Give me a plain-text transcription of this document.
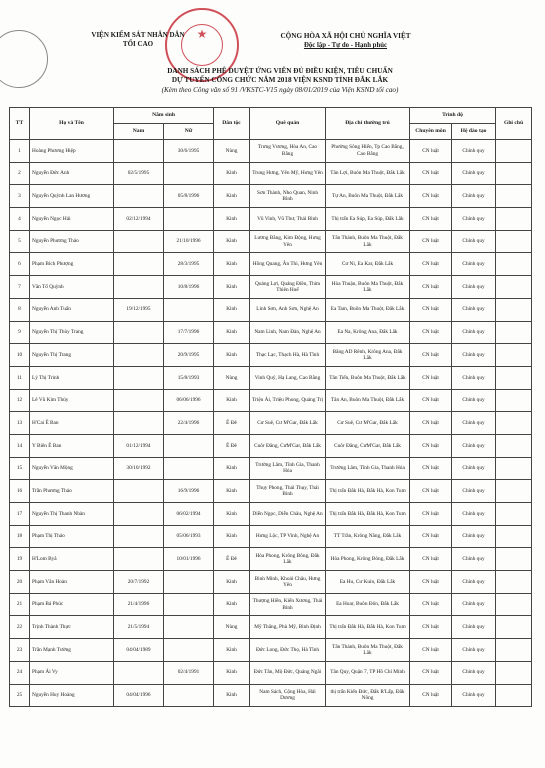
★
VIỆN KIỂM SÁT NHÂN DÂN
TỐI CAO
CỘNG HÒA XÃ HỘI CHỦ NGHĨA VIỆT
Độc lập - Tự do - Hạnh phúc
DANH SÁCH PHÊ DUYỆT ỨNG VIÊN ĐỦ ĐIỀU KIỆN, TIÊU CHUẨN
DỰ TUYỂN CÔNG CHỨC NĂM 2018 VIỆN KSND TỈNH ĐẮK LẮK
(Kèm theo Công văn số 91 /VKSTC-V15 ngày 08/01/2019 của Viện KSND tối cao)
TT	Họ và Tên	Năm sinh		Dân tộc	Quê quán	Địa chỉ thường trú	Trình độ		Ghi chú
		Nam	Nữ				Chuyên môn	Hệ đào tạo	
1	Hoàng Phương Hiệp		30/6/1995	Nùng	Trưng Vương, Hòa An, Cao Bằng	Phường Sông Hiến, Tp Cao Bằng, Cao Bằng	CN luật	Chính quy	
2	Nguyễn Đức Anh	02/5/1995		Kinh	Trung Hưng, Yên Mỹ, Hưng Yên	Tân Lợi, Buôn Ma Thuột, Đắk Lắk	CN luật	Chính quy	
3	Nguyễn Quỳnh Lan Hương		05/8/1996	Kinh	Sơn Thành, Nho Quan, Ninh Bình	Tự An, Buôn Ma Thuột, Đắk Lắk	CN luật	Chính quy	
4	Nguyễn Ngọc Hải	02/12/1994		Kinh	Vũ Vinh, Vũ Thư, Thái Bình	Thị trấn Ea Súp, Ea Súp, Đắk Lắk	CN luật	Chính quy	
5	Nguyễn Phương Thảo		21/10/1996	Kinh	Lương Bằng, Kim Động, Hưng Yên	Tân Thành, Buôn Ma Thuột, Đắk Lắk	CN luật	Chính quy	
6	Phạm Bích Phượng		28/3/1995	Kinh	Hồng Quang, Ân Thi, Hưng Yên	Cư Ni, Ea Kar, Đắk Lắk	CN luật	Chính quy	
7	Văn Tố Quỳnh		10/8/1996	Kinh	Quảng Lợi, Quảng Điền, Thừa Thiên Huế	Hòa Thuận, Buôn Ma Thuột, Đắk Lắk	CN luật	Chính quy	
8	Nguyễn Anh Tuấn	19/12/1995		Kinh	Linh Sơn, Anh Sơn, Nghệ An	Ea Tam, Buôn Ma Thuột, Đắk Lắk	CN luật	Chính quy	
9	Nguyễn Thị Thùy Trang		17/7/1996	Kinh	Nam Linh, Nam Đàn, Nghệ An	Ea Na, Krông Ana, Đắk Lắk	CN luật	Chính quy	
10	Nguyễn Thị Trang		20/9/1995	Kinh	Thạc Lạc, Thạch Hà, Hà Tĩnh	Băng AD Rênh, Krông Ana, Đắk Lắk	CN luật	Chính quy	
11	Lý Thị Trinh		15/8/1993	Nùng	Vinh Quý, Hạ Lang, Cao Bằng	Tân Tiến, Buôn Ma Thuột, Đắk Lắk	CN luật	Chính quy	
12	Lê Vũ Kim Thúy		06/06/1996	Kinh	Triệu Ái, Triệu Phong, Quảng Trị	Tân An, Buôn Ma Thuột, Đắk Lắk	CN luật	Chính quy	
13	H'Cai Ê Ban		22/4/1996	Ê Đê	Cư Suê, Cư M'Gar, Đắk Lắk	Cư Suê, Cư M'Gar, Đắk Lắk	CN luật	Chính quy	
14	Y Biên Ê Ban	01/12/1994		Ê Đê	Cuôr Đăng, CưM'Gar, Đắk Lắk	Cuôr Đăng, CưM'Gar, Đắk Lắk	CN luật	Chính quy	
15	Nguyễn Văn Mộng	30/10/1992		Kinh	Trường Lâm, Tĩnh Gia, Thanh Hóa	Trường Lâm, Tĩnh Gia, Thanh Hóa	CN luật	Chính quy	
16	Trần Phương Thảo		16/9/1996	Kinh	Thụy Phong, Thái Thụy, Thái Bình	Thị trấn Đắk Hà, Đắk Hà, Kon Tum	CN luật	Chính quy	
17	Nguyễn Thị Thanh Nhàn		06/02/1994	Kinh	Diễn Ngọc, Diễn Châu, Nghệ An	Thị trấn Đắk Hà, Đắk Hà, Kon Tum	CN luật	Chính quy	
18	Phạm Thị Thảo		05/06/1993	Kinh	Hưng Lộc, TP Vinh, Nghệ An	TT Trần, Krông Năng, Đắk Lắk	CN luật	Chính quy	
19	H'Lom Byă		10/01/1996	Ê Đê	Hòa Phong, Krông Bông, Đắk Lắk	Hòa Phong, Krông Bông, Đắk Lắk	CN luật	Chính quy	
20	Phạm Văn Hoàn	20/7/1992		Kinh	Bình Minh, Khoái Châu, Hưng Yên	Ea Hu, Cư Kuin, Đắk Lắk	CN luật	Chính quy	
21	Phạm Bá Phúc	21/4/1996		Kinh	Thượng Hiền, Kiến Xương, Thái Bình	Ea Hoar, Buôn Đôn, Đắk Lắk	CN luật	Chính quy	
22	Trịnh Thành Thực	21/5/1994		Nùng	Mỹ Thắng, Phù Mỹ, Bình Định	Thị trấn Đắk Hà, Đắk Hà, Kon Tum	CN luật	Chính quy	
23	Trần Mạnh Tường	04/04/1989		Kinh	Đức Long, Đức Thọ, Hà Tĩnh	Tân Thành, Buôn Ma Thuột, Đắk Lắk	CN luật	Chính quy	
24	Phạm Ái Vy		02/4/1991	Kinh	Đức Tân, Mộ Đức, Quảng Ngãi	Tân Quy, Quận 7, TP Hồ Chí Minh	CN luật	Chính quy	
25	Nguyễn Huy Hoàng	04/04/1996		Kinh	Nam Sách, Cộng Hòa, Hải Dương	thị trấn Kiến Đức, Đắk R'Lấp, Đắk Nông	CN luật	Chính quy	
